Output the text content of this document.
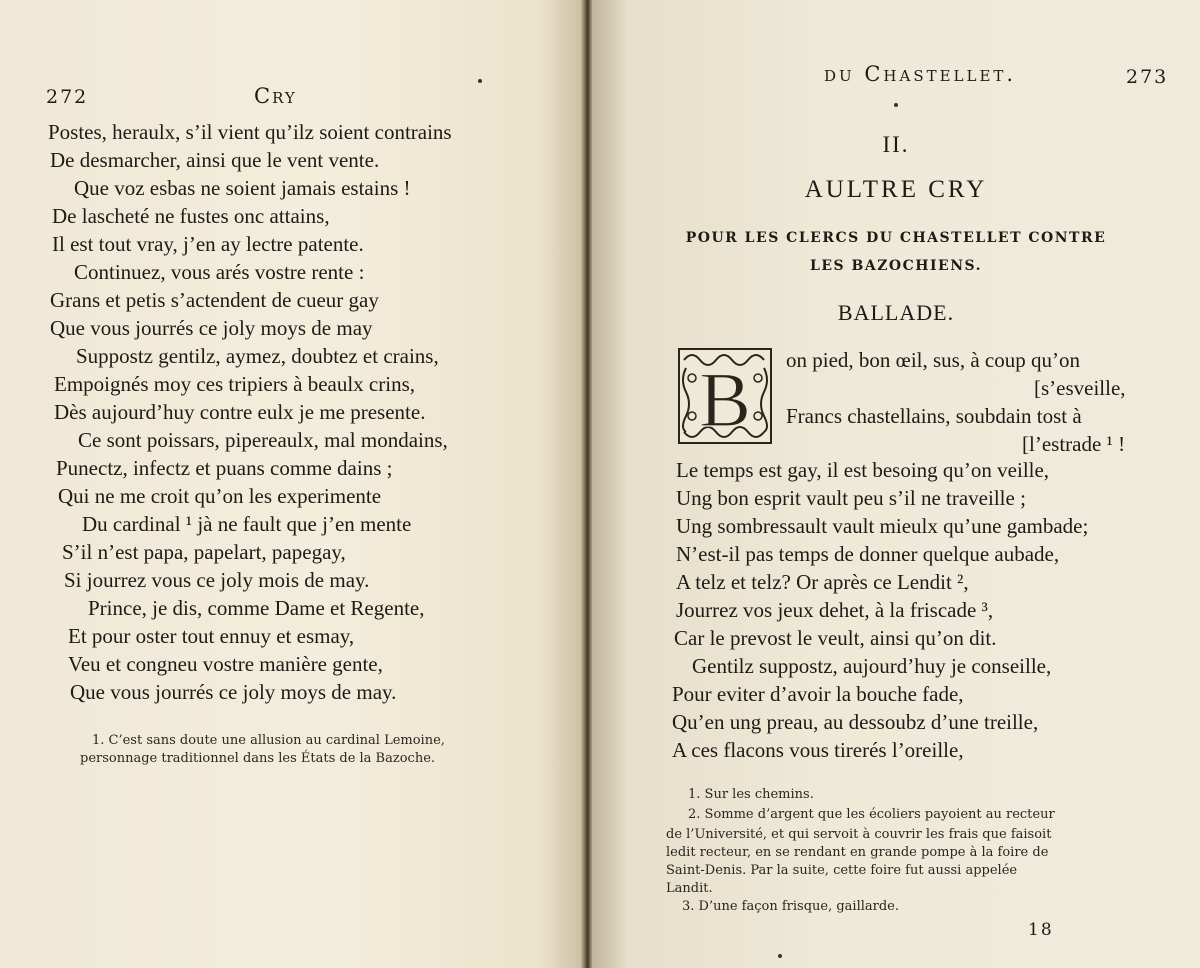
272	Cry
Postes, heraulx, s’il vient qu’ilz soient contrains
De desmarcher, ainsi que le vent vente.
Que voz esbas ne soient jamais estains !
De lascheté ne fustes onc attains,
Il est tout vray, j’en ay lectre patente.
Continuez, vous arés vostre rente :
Grans et petis s’actendent de cueur gay
Que vous jourrés ce joly moys de may
Suppostz gentilz, aymez, doubtez et crains,
Empoignés moy ces tripiers à beaulx crins,
Dès aujourd’huy contre eulx je me presente.
Ce sont poissars, pipereaulx, mal mondains,
Punectz, infectz et puans comme dains ;
Qui ne me croit qu’on les experimente
Du cardinal ¹ jà ne fault que j’en mente
S’il n’est papa, papelart, papegay,
Si jourrez vous ce joly mois de may.
Prince, je dis, comme Dame et Regente,
Et pour oster tout ennuy et esmay,
Veu et congneu vostre manière gente,
Que vous jourrés ce joly moys de may.
1. C’est sans doute une allusion au cardinal Lemoine,
personnage traditionnel dans les États de la Bazoche.
du Chastellet.	273
II.
AULTRE CRY
POUR LES CLERCS DU CHASTELLET CONTRE
LES BAZOCHIENS.
BALLADE.
B on pied, bon œil, sus, à coup qu’on
[s’esveille,
Francs chastellains, soubdain tost à
[l’estrade ¹ !
Le temps est gay, il est besoing qu’on veille,
Ung bon esprit vault peu s’il ne traveille ;
Ung sombressault vault mieulx qu’une gambade;
N’est-il pas temps de donner quelque aubade,
A telz et telz? Or après ce Lendit ²,
Jourrez vos jeux dehet, à la friscade ³,
Car le prevost le veult, ainsi qu’on dit.
Gentilz suppostz, aujourd’huy je conseille,
Pour eviter d’avoir la bouche fade,
Qu’en ung preau, au dessoubz d’une treille,
A ces flacons vous tirerés l’oreille,
1. Sur les chemins.
2. Somme d’argent que les écoliers payoient au recteur
de l’Université, et qui servoit à couvrir les frais que faisoit
ledit recteur, en se rendant en grande pompe à la foire de
Saint-Denis. Par la suite, cette foire fut aussi appelée
Landit.
3. D’une façon frisque, gaillarde.
18
